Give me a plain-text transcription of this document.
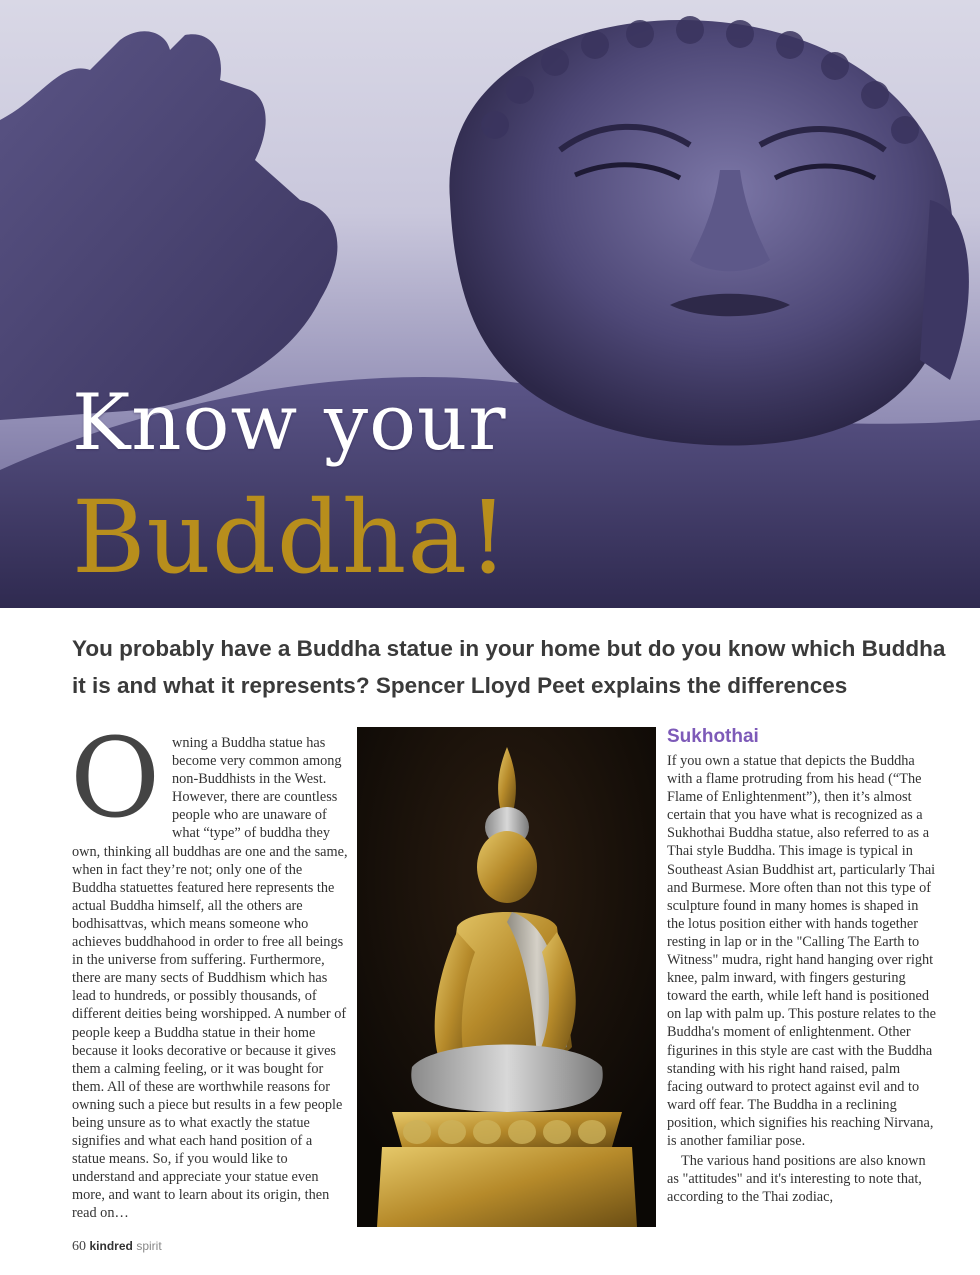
Know your
Buddha!
You probably have a Buddha statue in your home but do you know which Buddha it is and what it represents? Spencer Lloyd Peet explains the differences
O wning a Buddha statue has become very common among non-Buddhists in the West. However, there are countless people who are unaware of what “type” of buddha they own, thinking all buddhas are one and the same, when in fact they’re not; only one of the Buddha statuettes featured here represents the actual Buddha himself, all the others are bodhisattvas, which means someone who achieves buddhahood in order to free all beings in the universe from suffering. Furthermore, there are many sects of Buddhism which has lead to hundreds, or possibly thousands, of different deities being worshipped. A number of people keep a Buddha statue in their home because it looks decorative or because it gives them a calming feeling, or it was bought for them. All of these are worthwhile reasons for owning such a piece but results in a few people being unsure as to what exactly the statue signifies and what each hand position of a statue means. So, if you would like to understand and appreciate your statue even more, and want to learn about its origin, then read on…

Sukhothai

If you own a statue that depicts the Buddha with a flame protruding from his head (“The Flame of Enlightenment”), then it’s almost certain that you have what is recognized as a Sukhothai Buddha statue, also referred to as a Thai style Buddha. This image is typical in Southeast Asian Buddhist art, particularly Thai and Burmese. More often than not this type of sculpture found in many homes is shaped in the lotus position either with hands together resting in lap or in the "Calling The Earth to Witness" mudra, right hand hanging over right knee, palm inward, with fingers gesturing toward the earth, while left hand is positioned on lap with palm up. This posture relates to the Buddha's moment of enlightenment. Other figurines in this style are cast with the Buddha standing with his right hand raised, palm facing outward to protect against evil and to ward off fear. The Buddha in a reclining position, which signifies his reaching Nirvana, is another familiar pose.

The various hand positions are also known as "attitudes" and it's interesting to note that, according to the Thai zodiac,

60 kindred spirit
